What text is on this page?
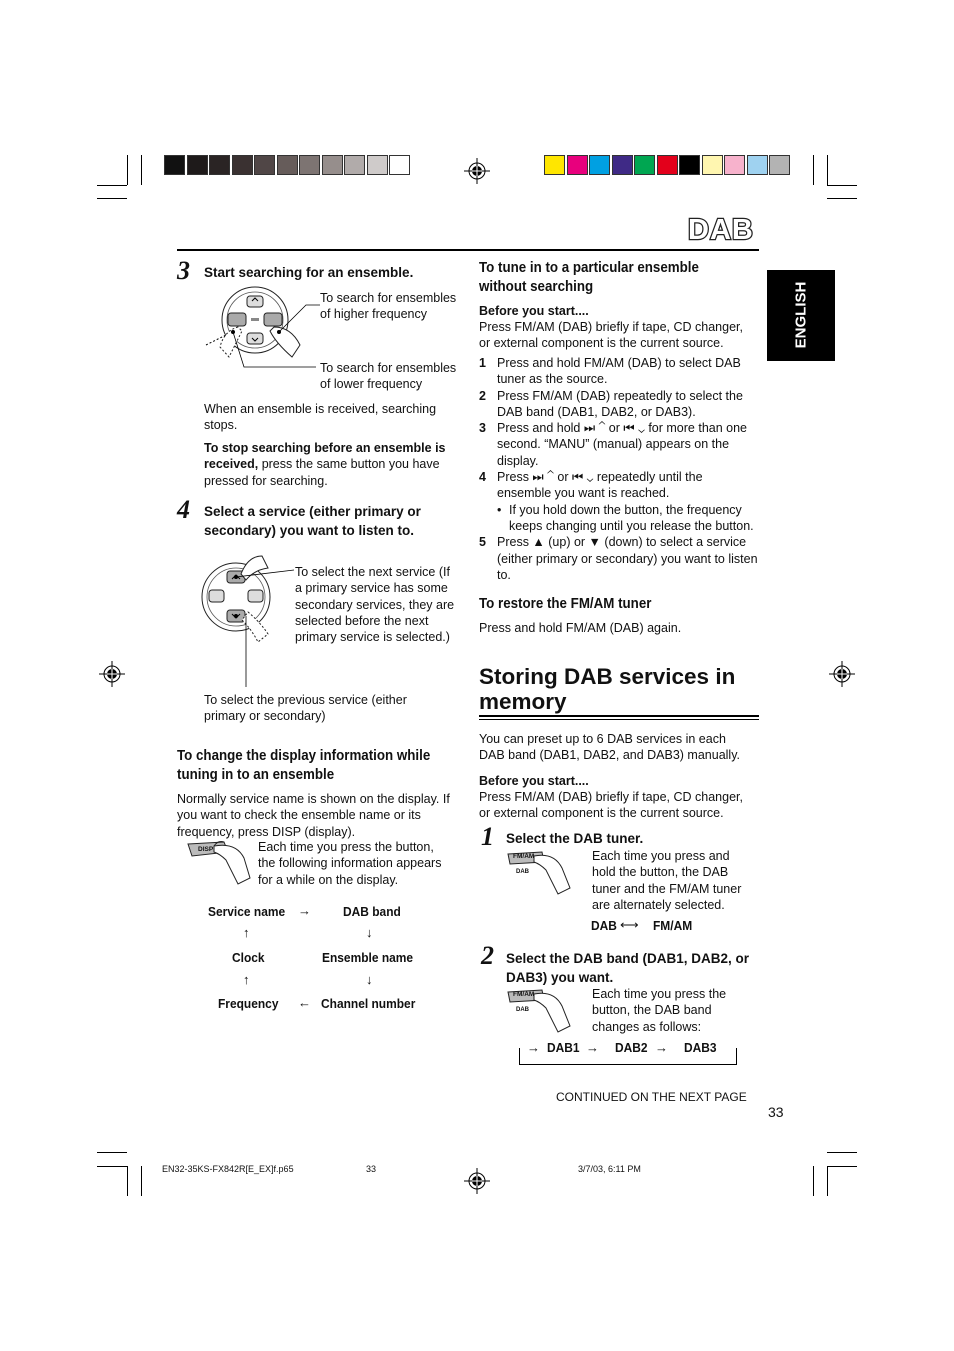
DAB
ENGLISH
3 Start searching for an ensemble.
To search for ensembles
of higher frequency
To search for ensembles
of lower frequency
When an ensemble is received, searching stops.
To stop searching before an ensemble is received, press the same button you have pressed for searching.
4 Select a service (either primary or secondary) you want to listen to.
To select the next service (If a primary service has some secondary services, they are selected before the next primary service is selected.)
To select the previous service (either primary or secondary)
To change the display information while tuning in to an ensemble
Normally service name is shown on the display. If you want to check the ensemble name or its frequency, press DISP (display).
DISP	Each time you press the button, the following information appears for a while on the display.
Service name → DAB band
↑	↓
Clock	Ensemble name
↑	↓
Frequency ← Channel number
To tune in to a particular ensemble without searching
Before you start....
Press FM/AM (DAB) briefly if tape, CD changer, or external component is the current source.
1 Press and hold FM/AM (DAB) to select DAB tuner as the source.
2 Press FM/AM (DAB) repeatedly to select the DAB band (DAB1, DAB2, or DAB3).
3 Press and hold ⏭ ⌃ or ⏮ ⌄ for more than one second. “MANU” (manual) appears on the display.
4 Press ⏭ ⌃ or ⏮ ⌄ repeatedly until the ensemble you want is reached.
• If you hold down the button, the frequency keeps changing until you release the button.
5 Press ▲ (up) or ▼ (down) to select a service (either primary or secondary) you want to listen to.
To restore the FM/AM tuner
Press and hold FM/AM (DAB) again.
Storing DAB services in memory
You can preset up to 6 DAB services in each DAB band (DAB1, DAB2, and DAB3) manually.
Before you start....
Press FM/AM (DAB) briefly if tape, CD changer, or external component is the current source.
1 Select the DAB tuner.
FM/AM
DAB
Each time you press and hold the button, the DAB tuner and the FM/AM tuner are alternately selected.
DAB ⟷ FM/AM
2 Select the DAB band (DAB1, DAB2, or DAB3) you want.
FM/AM
DAB
Each time you press the button, the DAB band changes as follows:
→ DAB1 → DAB2 → DAB3
CONTINUED ON THE NEXT PAGE
33
EN32-35KS-FX842R[E_EX]f.p65	33	3/7/03, 6:11 PM
